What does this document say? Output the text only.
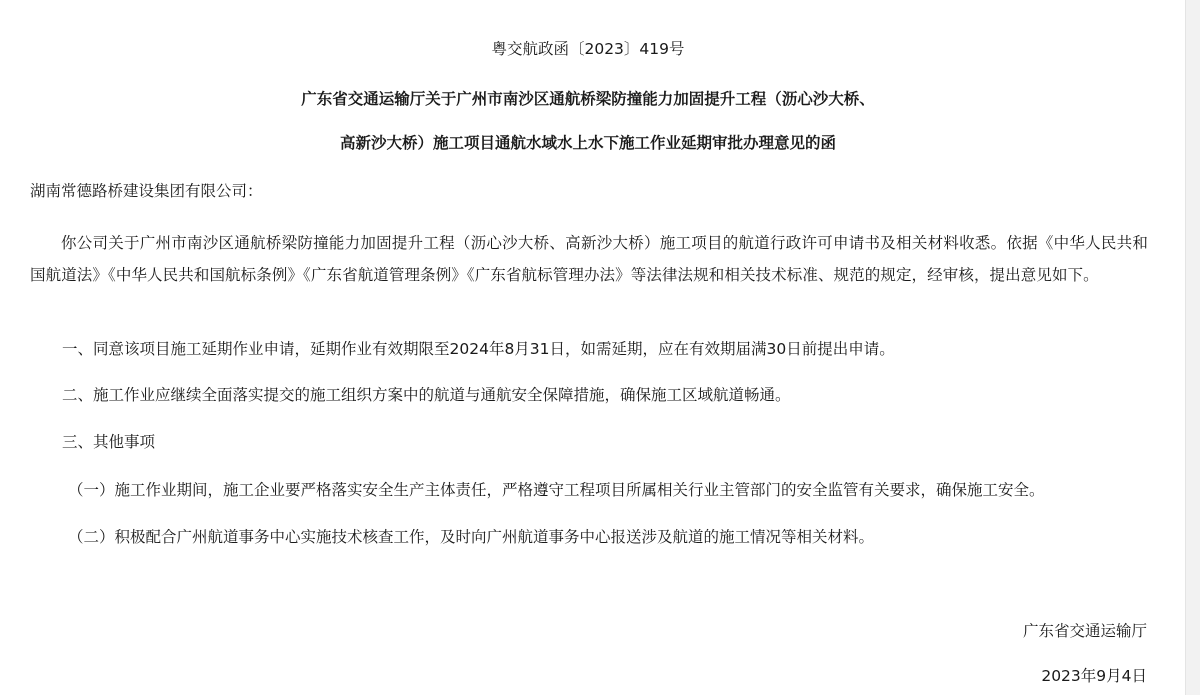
粤交航政函〔2023〕419号
广东省交通运输厅关于广州市南沙区通航桥梁防撞能力加固提升工程（沥心沙大桥、
高新沙大桥）施工项目通航水域水上水下施工作业延期审批办理意见的函
湖南常德路桥建设集团有限公司：
你公司关于广州市南沙区通航桥梁防撞能力加固提升工程（沥心沙大桥、高新沙大桥）施工项目的航道行政许可申请书及相关材料收悉。依据《中华人民共和国航道法》《中华人民共和国航标条例》《广东省航道管理条例》《广东省航标管理办法》等法律法规和相关技术标准、规范的规定，经审核，提出意见如下。
一、同意该项目施工延期作业申请，延期作业有效期限至2024年8月31日，如需延期，应在有效期届满30日前提出申请。
二、施工作业应继续全面落实提交的施工组织方案中的航道与通航安全保障措施，确保施工区域航道畅通。
三、其他事项
（一）施工作业期间，施工企业要严格落实安全生产主体责任，严格遵守工程项目所属相关行业主管部门的安全监管有关要求，确保施工安全。
（二）积极配合广州航道事务中心实施技术核查工作，及时向广州航道事务中心报送涉及航道的施工情况等相关材料。
广东省交通运输厅
2023年9月4日
